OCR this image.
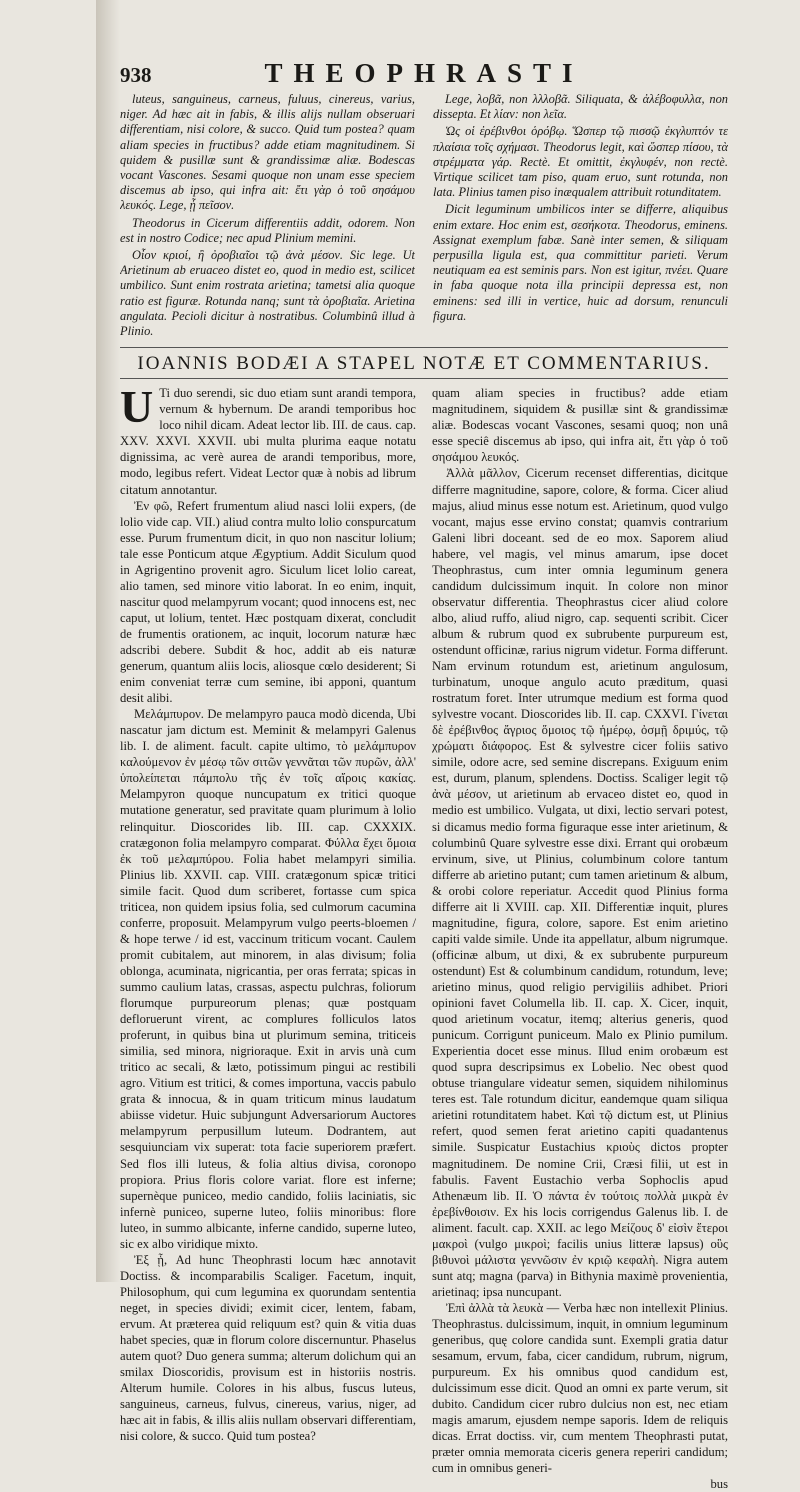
938	THEOPHRASTI

luteus, sanguineus, carneus, fuluus, cinereus, varius, niger. Ad hæc ait in fabis, & illis alijs nullam obseruari differentiam, nisi colore, & succo. Quid tum postea? quam aliam species in fructibus? adde etiam magnitudinem. Si quidem & pusillæ sunt & grandissimæ aliæ. Bodescas vocant Vascones. Sesami quoque non unam esse speciem discemus ab ipso, qui infra ait: ἔτι γὰρ ὁ τοῦ σησάμου λευκός. Lege, ᾗ πεῖσον.

Theodorus in Cicerum differentiis addit, odorem. Non est in nostro Codice; nec apud Plinium memini.

Οἶον κριοί, ἢ ὀροβιαῖοι τῷ ἀνὰ μέσον. Sic lege. Ut Arietinum ab eruaceo distet eo, quod in medio est, scilicet umbilico. Sunt enim rostrata arietina; tametsi alia quoque ratio est figuræ. Rotunda nanq; sunt τὰ ὀροβιαῖα. Arietina angulata. Pecioli dicitur à nostratibus. Columbinû illud à Plinio.

Lege, λοβᾶ, non λλλοβᾶ. Siliquata, & ἀλέβοφυλλα, non dissepta. Et λίαν: non λεῖα.

Ὡς οἱ ἐρέβινθοι ὁρόβῳ. Ὥσπερ τῷ πισσῷ ἐκγλυπτόν τε πλαίσια τοῖς σχήμασι. Theodorus legit, καὶ ὥσπερ πίσου, τὰ στρέμματα γάρ. Rectè. Et omittit, ἐκγλυφέν, non rectè. Virtique scilicet tam piso, quam eruo, sunt rotunda, non lata. Plinius tamen piso inæqualem attribuit rotunditatem.

Dicit leguminum umbilicos inter se differre, aliquibus enim extare. Hoc enim est, σεσήκοτα. Theodorus, eminens. Assignat exemplum fabæ. Sanè inter semen, & siliquam perpusilla ligula est, qua committitur parieti. Verum neutiquam ea est seminis pars. Non est igitur, πνέει. Quare in faba quoque nota illa principii depressa est, non eminens: sed illi in vertice, huic ad dorsum, renunculi figura.

IOANNIS BODÆI A STAPEL NOTÆ ET COMMENTARIUS.

U Ti duo serendi, sic duo etiam sunt arandi tempora, vernum & hybernum. De arandi temporibus hoc loco nihil dicam. Adeat lector lib. III. de caus. cap. XXV. XXVI. XXVII. ubi multa plurima eaque notatu dignissima, ac verè aurea de arandi temporibus, more, modo, legibus refert. Videat Lector quæ à nobis ad librum citatum annotantur.

Ἐν φῶ, Refert frumentum aliud nasci lolii expers, (de lolio vide cap. VII.) aliud contra multo lolio conspurcatum esse. Purum frumentum dicit, in quo non nascitur lolium; tale esse Ponticum atque Ægyptium. Addit Siculum quod in Agrigentino provenit agro. Siculum licet lolio careat, alio tamen, sed minore vitio laborat. In eo enim, inquit, nascitur quod melampyrum vocant; quod innocens est, nec caput, ut lolium, tentet. Hæc postquam dixerat, concludit de frumentis orationem, ac inquit, locorum naturæ hæc adscribi debere. Subdit & hoc, addit ab eis naturæ generum, quantum aliis locis, aliosque cœlo desiderent; Si enim conveniat terræ cum semine, ibi apponi, quantum desit alibi.

Μελάμπυρον. De melampyro pauca modò dicenda, Ubi nascatur jam dictum est. Meminit & melampyri Galenus lib. I. de aliment. facult. capite ultimo, τὸ μελάμπυρον καλούμενον ἐν μέσῳ τῶν σιτῶν γεννᾶται τῶν πυρῶν, ἀλλ' ὑπολείπεται πάμπολυ τῆς ἐν τοῖς αἴροις κακίας. Melampyron quoque nuncupatum ex tritici quoque mutatione generatur, sed pravitate quam plurimum à lolio relinquitur. Dioscorides lib. III. cap. CXXXIX. cratægonon folia melampyro comparat. Φύλλα ἔχει ὅμοια ἐκ τοῦ μελαμπύρου. Folia habet melampyri similia. Plinius lib. XXVII. cap. VIII. cratægonum spicæ tritici simile facit. Quod dum scriberet, fortasse cum spica triticea, non quidem ipsius folia, sed culmorum cacumina conferre, proposuit. Melampyrum vulgo peerts-bloemen / & hope terwe / id est, vaccinum triticum vocant. Caulem promit cubitalem, aut minorem, in alas divisum; folia oblonga, acuminata, nigricantia, per oras ferrata; spicas in summo caulium latas, crassas, aspectu pulchras, foliorum florumque purpureorum plenas; quæ postquam defloruerunt virent, ac complures folliculos latos proferunt, in quibus bina ut plurimum semina, triticeis similia, sed minora, nigrioraque. Exit in arvis unà cum tritico ac secali, & læto, potissimum pingui ac restibili agro. Vitium est tritici, & comes importuna, vaccis pabulo grata & innocua, & in quam triticum minus laudatum abiisse videtur. Huic subjungunt Adversariorum Auctores melampyrum perpusillum luteum. Dodrantem, aut sesquiunciam vix superat: tota facie superiorem præfert. Sed flos illi luteus, & folia altius divisa, coronopo propiora. Prius floris colore variat. flore est inferne; supernèque puniceo, medio candido, foliis laciniatis, sic infernè puniceo, superne luteo, foliis minoribus: flore luteo, in summo albicante, inferne candido, superne luteo, sic ex albo viridique mixto.

Ἐξ ᾗ, Ad hunc Theophrasti locum hæc annotavit Doctiss. & incomparabilis Scaliger. Facetum, inquit, Philosophum, qui cum legumina ex quorundam sententia neget, in species dividi; eximit cicer, lentem, fabam, ervum. At præterea quid reliquum est? quin & vitia duas habet species, quæ in florum colore discernuntur. Phaselus autem quot? Duo genera summa; alterum dolichum qui an smilax Dioscoridis, provisum est in historiis nostris. Alterum humile. Colores in his albus, fuscus luteus, sanguineus, carneus, fulvus, cinereus, varius, niger, ad hæc ait in fabis, & illis aliis nullam observari differentiam, nisi colore, & succo. Quid tum postea?

quam aliam species in fructibus? adde etiam magnitudinem, siquidem & pusillæ sint & grandissimæ aliæ. Bodescas vocant Vascones, sesami quoq; non unâ esse speciê discemus ab ipso, qui infra ait, ἔτι γὰρ ὁ τοῦ σησάμου λευκός.

Ἀλλὰ μᾶλλον, Cicerum recenset differentias, dicitque differre magnitudine, sapore, colore, & forma. Cicer aliud majus, aliud minus esse notum est. Arietinum, quod vulgo vocant, majus esse ervino constat; quamvis contrarium Galeni libri doceant. sed de eo mox. Saporem aliud habere, vel magis, vel minus amarum, ipse docet Theophrastus, cum inter omnia leguminum genera candidum dulcissimum inquit. In colore non minor observatur differentia. Theophrastus cicer aliud colore albo, aliud ruffo, aliud nigro, cap. sequenti scribit. Cicer album & rubrum quod ex subrubente purpureum est, ostendunt officinæ, rarius nigrum videtur. Forma differunt. Nam ervinum rotundum est, arietinum angulosum, turbinatum, unoque angulo acuto præditum, quasi rostratum foret. Inter utrumque medium est forma quod sylvestre vocant. Dioscorides lib. II. cap. CXXVI. Γίνεται δὲ ἐρέβινθος ἄγριος ὅμοιος τῷ ἡμέρῳ, ὀσμῇ δριμύς, τῷ χρώματι διάφορος. Est & sylvestre cicer foliis sativo simile, odore acre, sed semine discrepans. Exiguum enim est, durum, planum, splendens. Doctiss. Scaliger legit τῷ ἀνὰ μέσον, ut arietinum ab ervaceo distet eo, quod in medio est umbilico. Vulgata, ut dixi, lectio servari potest, si dicamus medio forma figuraque esse inter arietinum, & columbinû Quare sylvestre esse dixi. Errant qui orobæum ervinum, sive, ut Plinius, columbinum colore tantum differre ab arietino putant; cum tamen arietinum & album, & orobi colore reperiatur. Accedit quod Plinius forma differre ait li XVIII. cap. XII. Differentiæ inquit, plures magnitudine, figura, colore, sapore. Est enim arietino capiti valde simile. Unde ita appellatur, album nigrumque. (officinæ album, ut dixi, & ex subrubente purpureum ostendunt) Est & columbinum candidum, rotundum, leve; arietino minus, quod religio pervigiliis adhibet. Priori opinioni favet Columella lib. II. cap. X. Cicer, inquit, quod arietinum vocatur, itemq; alterius generis, quod punicum. Corrigunt puniceum. Malo ex Plinio pumilum. Experientia docet esse minus. Illud enim orobæum est quod supra descripsimus ex Lobelio. Nec obest quod obtuse triangulare videatur semen, siquidem nihilominus teres est. Tale rotundum dicitur, eandemque quam siliqua arietini rotunditatem habet. Καὶ τῷ dictum est, ut Plinius refert, quod semen ferat arietino capiti quadantenus simile. Suspicatur Eustachius κριοὺς dictos propter magnitudinem. De nomine Crii, Cræsi filii, ut est in fabulis. Favent Eustachio verba Sophoclis apud Athenæum lib. II. Ὁ πάντα ἐν τούτοις πολλὰ μικρὰ ἐν ἐρεβίνθοισιν. Ex his locis corrigendus Galenus lib. I. de aliment. facult. cap. XXII. ac lego Μείζους δ' εἰσὶν ἕτεροι μακροὶ (vulgo μικροὶ; facilis unius litteræ lapsus) οὓς βιθυνοὶ μάλιστα γεννῶσιν ἐν κριῷ κεφαλὴ. Nigra autem sunt atq; magna (parva) in Bithynia maximè provenientia, arietinaq; ipsa nuncupant.

Ἐπὶ ἀλλὰ τὰ λευκὰ — Verba hæc non intellexit Plinius. Theophrastus. dulcissimum, inquit, in omnium leguminum generibus, quę colore candida sunt. Exempli gratia datur sesamum, ervum, faba, cicer candidum, rubrum, nigrum, purpureum. Ex his omnibus quod candidum est, dulcissimum esse dicit. Quod an omni ex parte verum, sit dubito. Candidum cicer rubro dulcius non est, nec etiam magis amarum, ejusdem nempe saporis. Idem de reliquis dicas. Errat doctiss. vir, cum mentem Theophrasti putat, præter omnia memorata ciceris genera reperiri candidum; cum in omnibus generi-

bus
